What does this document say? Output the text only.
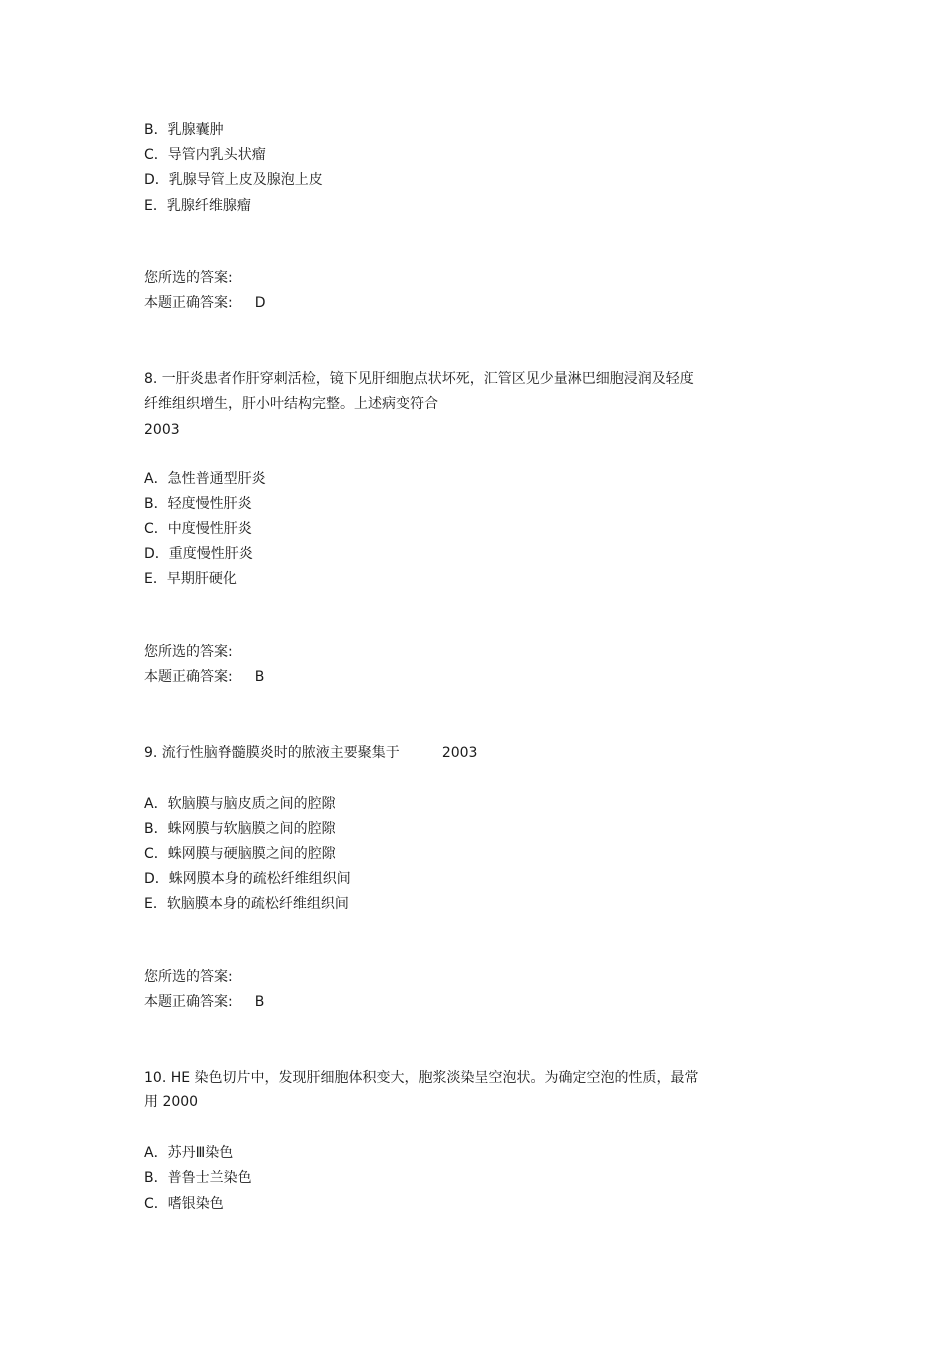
B．乳腺囊肿
C．导管内乳头状瘤
D．乳腺导管上皮及腺泡上皮
E．乳腺纤维腺瘤
您所选的答案:
本题正确答案: D
8. 一肝炎患者作肝穿刺活检，镜下见肝细胞点状坏死，汇管区见少量淋巴细胞浸润及轻度
纤维组织增生，肝小叶结构完整。上述病变符合
2003
A．急性普通型肝炎
B．轻度慢性肝炎
C．中度慢性肝炎
D．重度慢性肝炎
E．早期肝硬化
您所选的答案:
本题正确答案: B
9. 流行性脑脊髓膜炎时的脓液主要聚集于	2003
A．软脑膜与脑皮质之间的腔隙
B．蛛网膜与软脑膜之间的腔隙
C．蛛网膜与硬脑膜之间的腔隙
D．蛛网膜本身的疏松纤维组织间
E．软脑膜本身的疏松纤维组织间
您所选的答案:
本题正确答案: B
10. HE 染色切片中，发现肝细胞体积变大，胞浆淡染呈空泡状。为确定空泡的性质，最常
用 2000
A．苏丹Ⅲ染色
B．普鲁士兰染色
C．嗜银染色
